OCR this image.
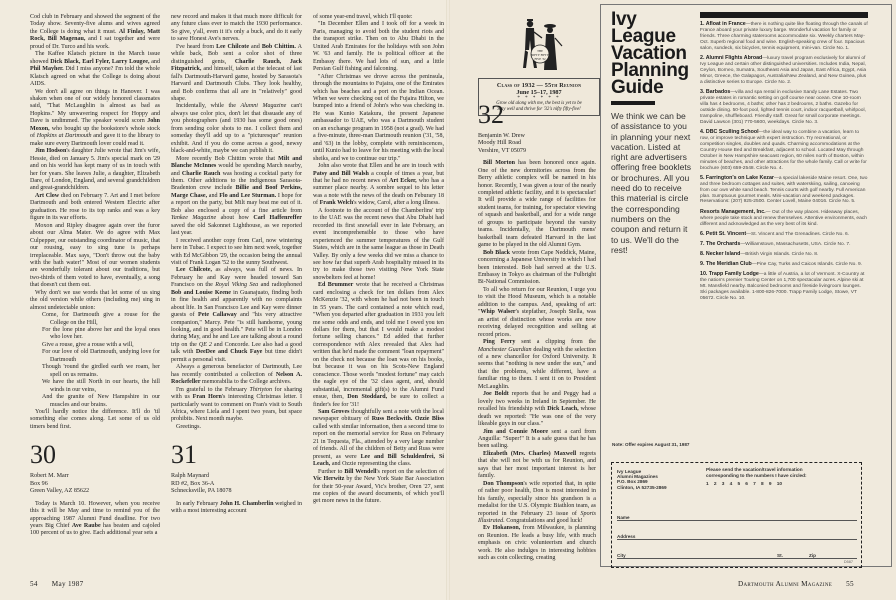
Cod club in February and showed the segment of the Today show. Seventy-five alums and wives agreed the College is doing what it must. Al Finlay, Matt Rock, Bill Magenau, and I sat together and were proud of Dr. Turco and his work.

The Kaffee Klatsch picture in the March issue showed Dick Black, Earl Fyler, Larry Lougee, and Phil Mayher. Did I miss anyone? I'm told the whole Klatsch agreed on what the College is doing about AIDS.

We don't all agree on things in Hanover. I was shaken when one of our widely honored classmates said, "That McLaughlin is almost as bad as Hopkins." My unwavering respect for Hoppy and Dave is undimmed. The speaker would scorn John Moxon, who bought up the bookstore's whole stock of Hopkins at Dartmouth and gave it to the library to make sure every Dartmouth lover could read it.

Jim Hodson's daughter Julie wrote that Jim's wife, Hessie, died on January 5. Jim's special mark on '29 and on his world has kept many of us in touch with her for years. She leaves Julie, a daughter, Elizabeth Dare, of London, England, and several grandchildren and great-grandchildren.

Art Clow died on February 7. Art and I met before Dartmouth and both entered Western Electric after graduation. He rose to its top ranks and was a key figure in its war efforts.

Moxon and Ripley disagree again over the furor about our Alma Mater. We do agree with Max Culpepper, our outstanding coordinator of music, that our rousing, easy to sing tune is perhaps irreplaceable. Max says, "Don't throw out the baby with the bath water!" Most of our women students are wonderfully tolerant about our traditions, but two-thirds of them voted to have, eventually, a song that doesn't cut them out.

Why don't we use words that let some of us sing the old version while others (including me) sing in almost undetectable union:

Come, for Dartmouth give a rouse for the College on the Hill,
For the lone pine above her and the loyal ones who love her.
Give a rouse, give a rouse with a will,
For our love of old Dartmouth, undying love for Dartmouth
Though 'round the girdled earth we roam, her spell on us remains.
We have the still North in our hearts, the hill winds in our veins,
And the granite of New Hampshire in our muscles and our brains.

You'll hardly notice the difference. It'll do 'til something else comes along. Let some of us old timers bend first.

30
Robert M. Marr
Box 96
Green Valley, AZ 85622

Today is March 10. However, when you receive this it will be May and time to remind you of the approaching 1987 Alumni Fund deadline. For two years Big Chief Ave Raube has beaten and cajoled 100 percent of us to give. Each additional year sets a

new record and makes it that much more difficult for any future class ever to match the 1930 performance. So give, y'all, even it it's only a buck, and do it early to save Honest Ave's nerves.

I've heard from Lee Chilcote and Bob Chittim. A while back, Bob sent a color shot of three distinguished gents, Charlie Rauch, Jack Fitzpatrick, and himself, taken at the telecast of last fall's Dartmouth-Harvard game, hosted by Sarasota's Harvard and Dartmouth Clubs. They look healthy, and Bob confirms that all are in "relatively" good shape.

Incidentally, while the Alumni Magazine can't always use color pics, don't let that dissuade any of you photographers (and 1930 has some good ones) from sending color shots to me. I collect them and someday they'll add up to a "picturesque" reunion exhibit. And if you do come across a good, newsy black-and-white, maybe we can publish it.

More recently Bob Chittim wrote that Milt and Blanche McInnes would be spending March nearby, and Charlie Rauch was hosting a cocktail party for them. Other additions to the indigenous Sarasota-Bradenton crew include Billie and Boof Perkins, Marge Chase, and Flo and Lee Sturman. I hope for a report on the party, but Milt may beat me out of it. Bob also enclosed a copy of a fine article from Yankee Magazine about how Carl Haffenreffer saved the old Sakonnet Lighthouse, as we reported last year.

I received another copy from Carl, now wintering here in Tubac. I expect to see him next week, together with Ed McGibbon '29, the occasion being the annual visit of Frank Logan '52 to the sunny Southwest.

Lee Chilcote, as always, was full of news. In February he and Kay were headed toward San Francisco on the Royal Viking Sea and radiophoned Bob and Louise Keene in Guanajuato, finding both in fine health and apparently with no complaints about life. In San Francisco Lee and Kay were dinner guests of Pete Callaway and "his very attractive companion," Marcy. Pete "is still handsome, young looking, and in good health." Pete will be in London during May, and he and Lee are talking about a round trip on the QE 2 and Concorde. Lee also had a good talk with DeeDee and Chuck Faye but time didn't permit a personal visit.

Always a generous benefactor of Dartmouth, Lee has recently contributed a collection of Nelson A. Rockefeller memorabilia to the College archives.

I'm grateful to the February Thirtyton for sharing with us Fran Horn's interesting Christmas letter. I particularly want to comment on Fran's visit to South Africa, where Liela and I spent two years, but space prohibits. Next month maybe.

Greetings.

31
Ralph Maynard
RD #2, Box 36-A
Schnecksville, PA 18078

In early February John H. Chamberlin weighed in with a most interesting account

of some year-end travel, which I'll quote:

"In December Ellen and I took off for a week in Paris, managing to avoid both the student riots and the transport strike. Then on to Abu Dhabi in the United Arab Emirates for the holidays with son John W. '63 and family. He is political officer at the Embassy there. We had lots of sun, and a little Persian Gulf fishing and falconing.

"After Christmas we drove across the peninsula, through the mountains to Fujaira, one of the Emirates which has beaches and a port on the Indian Ocean. When we were checking out of the Fujaira Hilton, we bumped into a friend of John's who was checking in. He was Kunio Katakura, the present Japanese ambassador to UAE, who was a Dartmouth student on an exchange program in 1958 (not a grad). We had a five-minute, three-man Dartmouth reunion ('31, '58, and '63) in the lobby, complete with reminiscences, until Kunio had to leave for his meeting with the local sheiks, and we to continue our trip."

John also wrote that Ellen and he are in touch with Patsy and Bill Walsh a couple of times a year, but that he had no recent news of Art Ecker, who has a summer place nearby. A sombre sequel to his letter was a note with the news of the death on Feburary 18 of Frank Welch's widow, Carol, after a long illness.

A footnote to the account of the Chamberlins' trip to the UAE was the recent news that Abu Dhabi had recorded its first snowfall ever in late February, an event incomprehensible to those who have experienced the summer temperatures of the Gulf States, which are in the same league as those in Death Valley. By only a few weeks did we miss a chance to see how far that superb Arab hospitality missed in its try to make those two visiting New York State snowbelters feel at home!

Ed Brummer wrote that he received a Christmas card enclosing a check for ten dollars from Alex McKenzie '32, with whom he had not been in touch in 55 years. The card contained a note which read, "When you departed after graduation in 1931 you left me some odds and ends, and told me I owed you ten dollars for them, but that I would make a modest fortune selling chances." Ed added that further correspondence with Alex revealed that Alex had written that he'd made the comment "loan repayment" on the check not because the loan was on his books, but because it was on his Scots-New England conscience. Those words "modest fortune" may catch the eagle eye of the '32 class agent, and, should substantial, incremental gift(s) to the Alumni Fund ensue, then, Don Stoddard, be sure to collect a finder's fee for '31!

Sam Groves thoughtfully sent a note with the local newspaper obituary of Russ Beckwith. Ozzie Bliss called with similar information, then a second time to report on the memorial service for Russ on February 21 in Tequesta, Fla., attended by a very large number of friends. All of the children of Betty and Russ were present, as were Lee and Bill Schuldenfrei, Si Leach, and Ozzie representing the class.

Further to Bill Wendell's report on the selection of Vic Herwitz by the New York State Bar Association for their 50-year Award, Vic's brother, Oren '27, sent me copies of the award documents, of which you'll get more news in the future.

54 May 1987
THE
NIFTY FIFTY
FIVE '32
Class of 1932 — 55th Reunion
June 15–17, 1987
* * * * * *
Grow old along with me, the best is yet to be
Stay well and thrive for '32's nifty fifty-five!
32
Benjamin W. Drew
Moody Hill Road
Vershire, VT 05079

Bill Morton has been honored once again. One of the new dormitories across from the Berry athletic complex will be named in his honor. Recently, I was given a tour of the nearly completed athletic facility, and it is spectacular! It will provide a wide range of facilities for student teams, for training, for spectator viewing of squash and basketball, and for a wide range of groups to participate beyond the varsity teams. Incidentally, the Dartmouth mens' basketball team defeated Harvard in the last game to be played in the old Alumni Gym.

Bob Black wrote from Cape Neddick, Maine, concerning a Japanese University in which I had been interested. Bob had served at the U.S. Embassy in Tokyo as chairman of the Fulbright Bi-National Commission.

To all who return for our Reunion, I urge you to visit the Hood Museum, which is a notable addition to the campus. And, speaking of art: "Whip Walser's stepfather, Joseph Stella, was an artist of distinction whose works are now receiving delayed recognition and selling at record prices.

Ping Ferry sent a clipping from the Manchester Guardian dealing with the selection of a new chancellor for Oxford University. It seems that "nothing is new under the sun," and that the problems, while different, have a familiar ring to them. I sent it on to President McLaughlin.

Joe Boldt reports that he and Peggy had a lovely two weeks in Ireland in September. He recalled his friendship with Dick Leach, whose death we reported: "He was one of the very likeable guys in our class."

Jim and Connie Moore sent a card from Anguilla: "Super!" It is a safe guess that he has been sailing.

Elizabeth (Mrs. Charles) Maxwell regrets that she will not be with us for Reunion, and says that her most important interest is her family.

Don Thompson's wife reported that, in spite of rather poor health, Don is most interested in his family, especially since his grandson is a medalist for the U.S. Olympic Biathlon team, as reported in the February 23 issue of Sports Illustrated. Congratulations and good luck!

Ev Hokanson, from Milwaukee, is planning on Reunion. He leads a busy life, with much emphasis on civic volunteerism and church work. He also indulges in interesting hobbies such as coin collecting, creating

Ivy
League
Vacation
Planning
Guide
We think we can be of assistance to you in planning your next vacation. Listed at right are advertisers offering free booklets or brochures. All you need do to receive this material is circle the corresponding numbers on the coupon and return it to us. We'll do the rest!
1. Afloat in France—there is nothing quite like floating through the canals of France aboard your private luxury barge. Wonderful vacation for family or friends. Three charming staterooms accommodate six. Weekly charters May-Oct. Superb regional food and wine. English-speaking crew of four. Spacious salon, sundeck, six bicycles, tennis equipment, mini-van. Circle No. 1.
2. Alumni Flights Abroad—luxury travel program exclusively for alumni of Ivy League and certain other distinguished universities. Includes India, Nepal, Ceylon, Borneo, Sumatra, Southeast Asia and Japan, East Africa, Egypt, Asia Minor, Greece, the Galapagos, Australia/New Zealand, and New Guinea, plus a distinctive series to Europe. Circle No. 2.
3. Barbados—villa and spa rental in exclusive Sandy Lane Estates. Two private estates in romantic setting on golf course near ocean. One 10-room villa has 4 bedrooms, 4 baths; other has 2 bedrooms, 2 baths. Gazebo for outside dining. 50-foot pool, lighted tennis court, indoor racquetball, whirlpool, trampoline, shuffleboard. Friendly staff. Great for small corporate meetings. David Lawson (301) 770-5600, weekdays. Circle No. 3.
4. DBC Sculling School—the ideal way to combine a vacation, learn to row, or improve technique with expert instruction. Try recreational, or competition singles, doubles and quads. Charming accommodations at the Country House Bed and Breakfast, adjacent to school. Located May through October in New Hampshire seacoast region, 60 miles north of Boston, within minutes of beaches, and other attractions for the whole family. Call or write for brochure (603) 659-2548. Circle No. 4.
5. Farrington's on Lake Kezar—a special lakeside Maine resort. One, two and three bedroom cottages and suites, with waterskiing, sailing, canoeing from our own white sand beach. Tennis courts with golf nearby. Full American plan. Sumptuous gourmet meals. Mini-vacation and weekend packages. Reservations: (207) 925-2500. Center Lovell, Maine 04016. Circle No. 5.
Resorts Management, Inc.— Out of the way places. Hideaway places, where people take stock and renew themselves. Attentive environments, each different and acknowledged as the very best of its kind.
6. Petit St. Vincent—St. Vincent and The Grenadines. Circle No. 6.
7. The Orchards—Williamstown, Massachusetts, USA. Circle No. 7.
8. Necker Island—British Virgin Islands. Circle No. 8.
9. The Meridian Club—Pine Cay, Turks and Caicos Islands. Circle No. 9.
10. Trapp Family Lodge—a little of Austria, a lot of Vermont. X-Country at the nation's premier Touring Center on 1,700 spectacular acres. Alpine ski at Mt. Mansfield nearby. Balconied bedrooms and fireside livingroom lounges. Ski packages available. 1-800-826-7000. Trapp Family Lodge, Stowe, VT 05672. Circle No. 10.
Note: Offer expires August 31, 1987
Ivy League
Alumni Magazines
P.O. Box 2869
Clinton, IA 52735-2869
Please send the vacation/travel information
corresponding to the numbers I have circled:
1 2 3 4 5 6 7 8 9 10
Name
Address
City	St.	Zip
D587
Dartmouth Alumni Magazine 55
